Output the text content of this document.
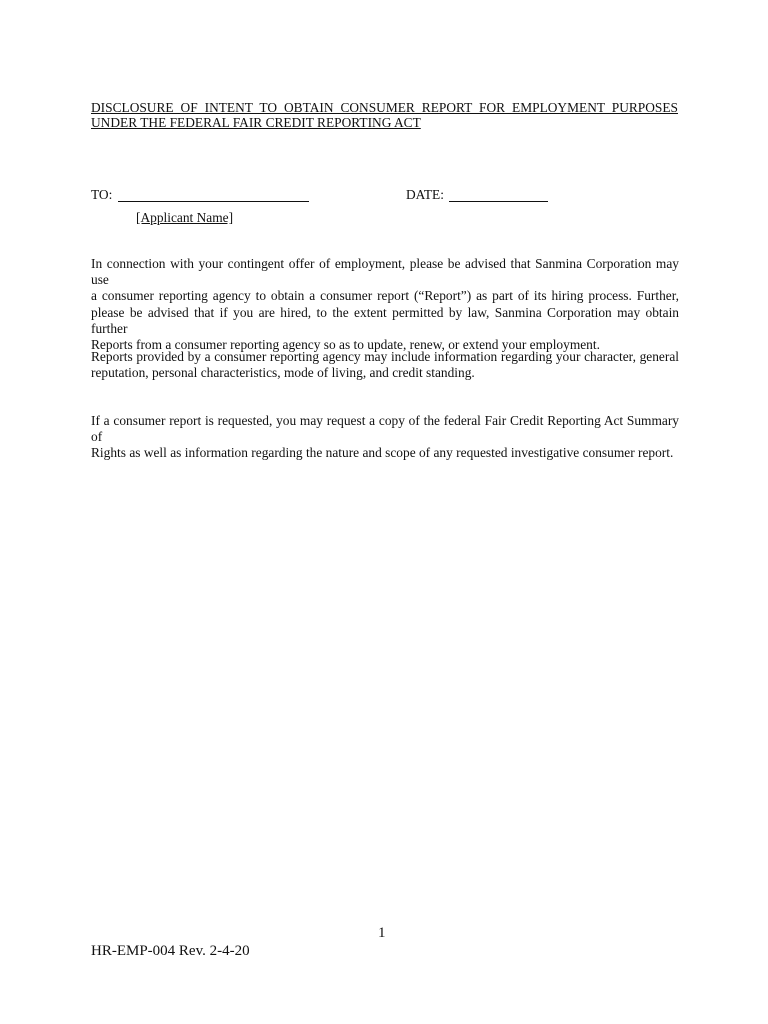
DISCLOSURE OF INTENT TO OBTAIN CONSUMER REPORT FOR EMPLOYMENT PURPOSES
UNDER THE FEDERAL FAIR CREDIT REPORTING ACT
TO:	DATE:
[Applicant Name]
In connection with your contingent offer of employment, please be advised that Sanmina Corporation may use
a consumer reporting agency to obtain a consumer report (“Report”) as part of its hiring process. Further,
please be advised that if you are hired, to the extent permitted by law, Sanmina Corporation may obtain further
Reports from a consumer reporting agency so as to update, renew, or extend your employment.
Reports provided by a consumer reporting agency may include information regarding your character, general
reputation, personal characteristics, mode of living, and credit standing.
If a consumer report is requested, you may request a copy of the federal Fair Credit Reporting Act Summary of
Rights as well as information regarding the nature and scope of any requested investigative consumer report.
1
HR-EMP-004 Rev. 2-4-20
